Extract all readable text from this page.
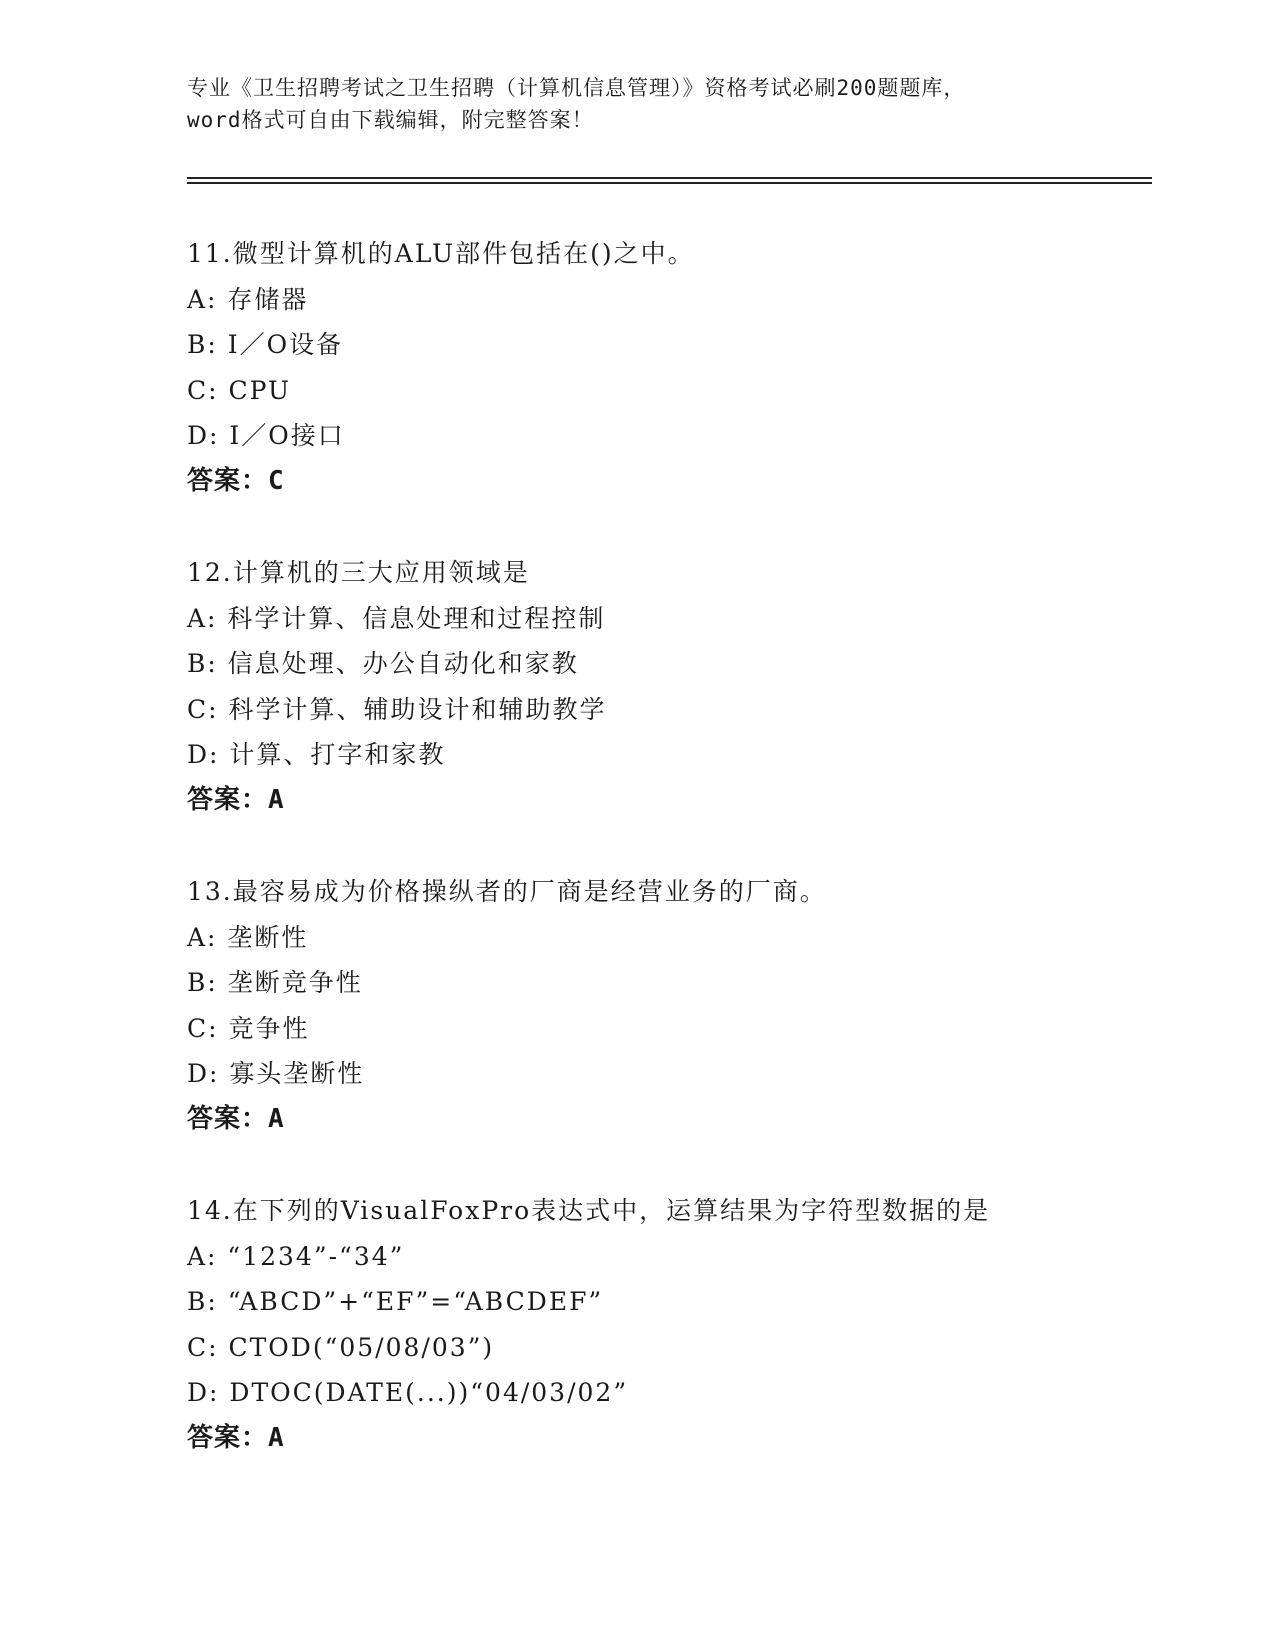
专业《卫生招聘考试之卫生招聘（计算机信息管理）》资格考试必刷200题题库，
word格式可自由下载编辑，附完整答案！
11.微型计算机的ALU部件包括在()之中。
A: 存储器
B: I／O设备
C: CPU
D: I／O接口
答案：C
12.计算机的三大应用领域是
A: 科学计算、信息处理和过程控制
B: 信息处理、办公自动化和家教
C: 科学计算、辅助设计和辅助教学
D: 计算、打字和家教
答案：A
13.最容易成为价格操纵者的厂商是经营业务的厂商。
A: 垄断性
B: 垄断竞争性
C: 竞争性
D: 寡头垄断性
答案：A
14.在下列的VisualFoxPro表达式中，运算结果为字符型数据的是
A: “1234”-“34”
B: “ABCD”+“EF”=“ABCDEF”
C: CTOD(“05/08/03”)
D: DTOC(DATE(...))“04/03/02”
答案：A
